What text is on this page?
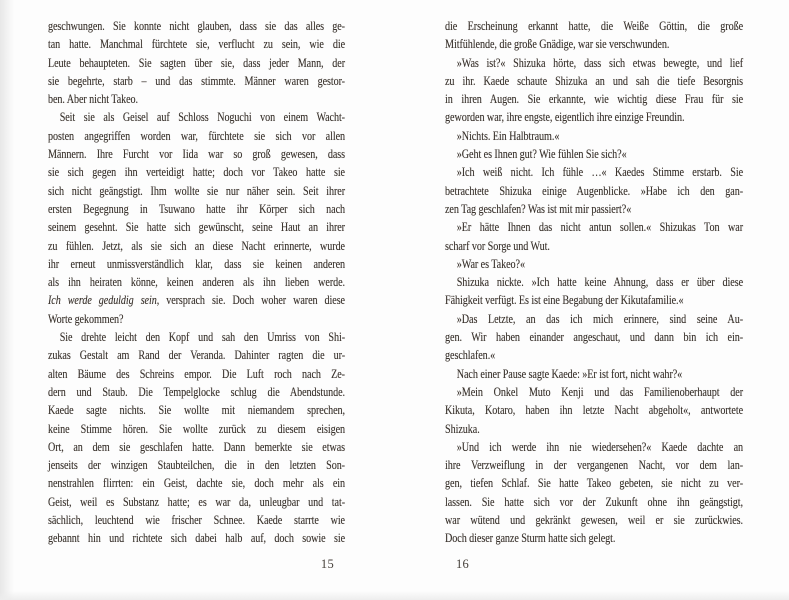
geschwungen. Sie konnte nicht glauben, dass sie das alles ge-
tan hatte. Manchmal fürchtete sie, verflucht zu sein, wie die
Leute behaupteten. Sie sagten über sie, dass jeder Mann, der
sie begehrte, starb – und das stimmte. Männer waren gestor-
ben. Aber nicht Takeo.
Seit sie als Geisel auf Schloss Noguchi von einem Wacht-
posten angegriffen worden war, fürchtete sie sich vor allen
Männern. Ihre Furcht vor Iida war so groß gewesen, dass
sie sich gegen ihn verteidigt hatte; doch vor Takeo hatte sie
sich nicht geängstigt. Ihm wollte sie nur näher sein. Seit ihrer
ersten Begegnung in Tsuwano hatte ihr Körper sich nach
seinem gesehnt. Sie hatte sich gewünscht, seine Haut an ihrer
zu fühlen. Jetzt, als sie sich an diese Nacht erinnerte, wurde
ihr erneut unmissverständlich klar, dass sie keinen anderen
als ihn heiraten könne, keinen anderen als ihn lieben werde.
Ich werde geduldig sein, versprach sie. Doch woher waren diese
Worte gekommen?
Sie drehte leicht den Kopf und sah den Umriss von Shi-
zukas Gestalt am Rand der Veranda. Dahinter ragten die ur-
alten Bäume des Schreins empor. Die Luft roch nach Ze-
dern und Staub. Die Tempelglocke schlug die Abendstunde.
Kaede sagte nichts. Sie wollte mit niemandem sprechen,
keine Stimme hören. Sie wollte zurück zu diesem eisigen
Ort, an dem sie geschlafen hatte. Dann bemerkte sie etwas
jenseits der winzigen Staubteilchen, die in den letzten Son-
nenstrahlen flirrten: ein Geist, dachte sie, doch mehr als ein
Geist, weil es Substanz hatte; es war da, unleugbar und tat-
sächlich, leuchtend wie frischer Schnee. Kaede starrte wie
gebannt hin und richtete sich dabei halb auf, doch sowie sie
die Erscheinung erkannt hatte, die Weiße Göttin, die große
Mitfühlende, die große Gnädige, war sie verschwunden.
»Was ist?« Shizuka hörte, dass sich etwas bewegte, und lief
zu ihr. Kaede schaute Shizuka an und sah die tiefe Besorgnis
in ihren Augen. Sie erkannte, wie wichtig diese Frau für sie
geworden war, ihre engste, eigentlich ihre einzige Freundin.
»Nichts. Ein Halbtraum.«
»Geht es Ihnen gut? Wie fühlen Sie sich?«
»Ich weiß nicht. Ich fühle …« Kaedes Stimme erstarb. Sie
betrachtete Shizuka einige Augenblicke. »Habe ich den gan-
zen Tag geschlafen? Was ist mit mir passiert?«
»Er hätte Ihnen das nicht antun sollen.« Shizukas Ton war
scharf vor Sorge und Wut.
»War es Takeo?«
Shizuka nickte. »Ich hatte keine Ahnung, dass er über diese
Fähigkeit verfügt. Es ist eine Begabung der Kikutafamilie.«
»Das Letzte, an das ich mich erinnere, sind seine Au-
gen. Wir haben einander angeschaut, und dann bin ich ein-
geschlafen.«
Nach einer Pause sagte Kaede: »Er ist fort, nicht wahr?«
»Mein Onkel Muto Kenji und das Familienoberhaupt der
Kikuta, Kotaro, haben ihn letzte Nacht abgeholt«, antwortete
Shizuka.
»Und ich werde ihn nie wiedersehen?« Kaede dachte an
ihre Verzweiflung in der vergangenen Nacht, vor dem lan-
gen, tiefen Schlaf. Sie hatte Takeo gebeten, sie nicht zu ver-
lassen. Sie hatte sich vor der Zukunft ohne ihn geängstigt,
war wütend und gekränkt gewesen, weil er sie zurückwies.
Doch dieser ganze Sturm hatte sich gelegt.
15	16
